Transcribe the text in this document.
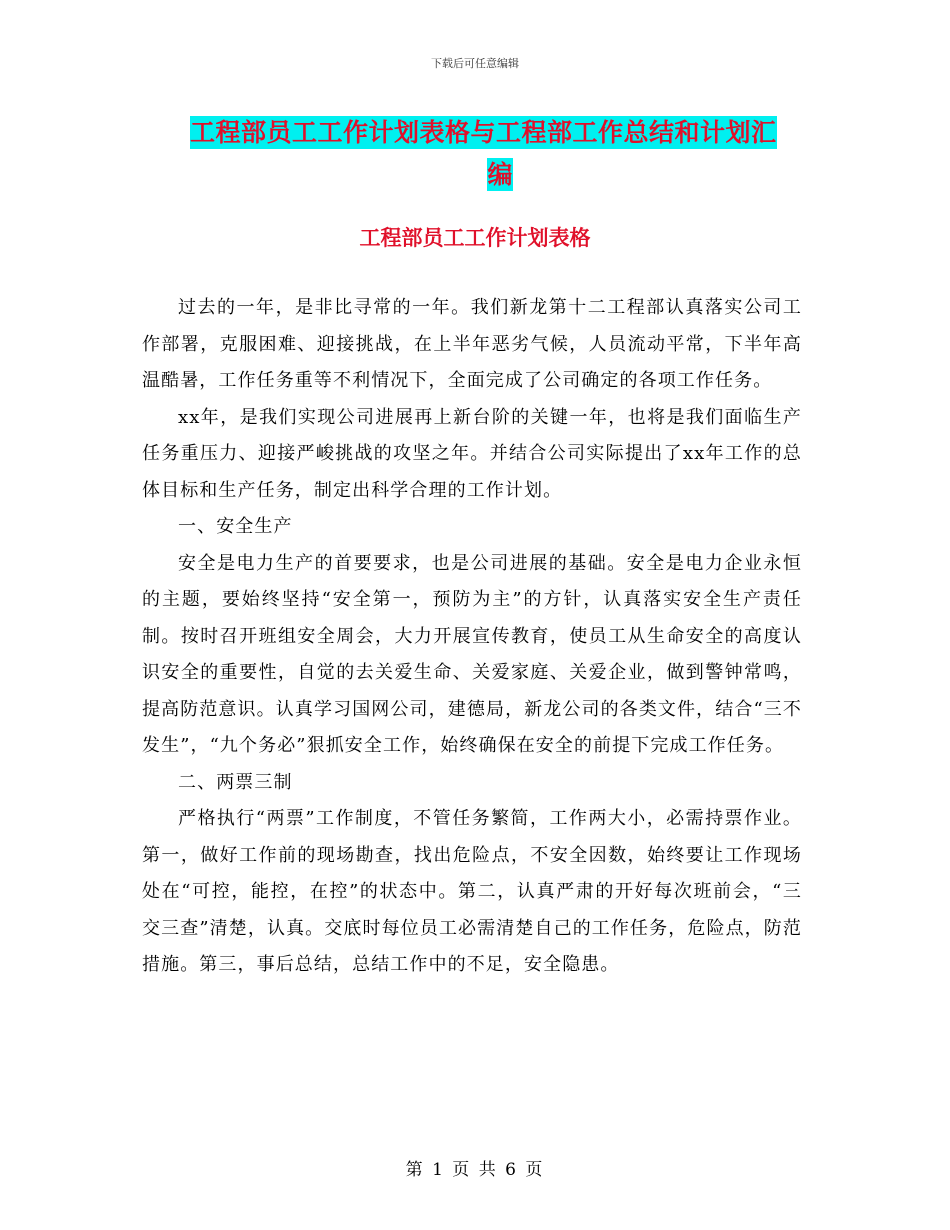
下载后可任意编辑
工程部员工工作计划表格与工程部工作总结和计划汇
编
工程部员工工作计划表格

过去的一年，是非比寻常的一年。我们新龙第十二工程部认真落实公司工作部署，克服困难、迎接挑战，在上半年恶劣气候，人员流动平常，下半年高温酷暑，工作任务重等不利情况下，全面完成了公司确定的各项工作任务。

xx年，是我们实现公司进展再上新台阶的关键一年，也将是我们面临生产任务重压力、迎接严峻挑战的攻坚之年。并结合公司实际提出了xx年工作的总体目标和生产任务，制定出科学合理的工作计划。

一、安全生产

安全是电力生产的首要要求，也是公司进展的基础。安全是电力企业永恒的主题，要始终坚持“安全第一，预防为主”的方针，认真落实安全生产责任制。按时召开班组安全周会，大力开展宣传教育，使员工从生命安全的高度认识安全的重要性，自觉的去关爱生命、关爱家庭、关爱企业，做到警钟常鸣，提高防范意识。认真学习国网公司，建德局，新龙公司的各类文件，结合“三不发生”，“九个务必”狠抓安全工作，始终确保在安全的前提下完成工作任务。

二、两票三制

严格执行“两票”工作制度，不管任务繁简，工作两大小，必需持票作业。第一，做好工作前的现场勘查，找出危险点，不安全因数，始终要让工作现场处在“可控，能控，在控”的状态中。第二，认真严肃的开好每次班前会，“三交三查”清楚，认真。交底时每位员工必需清楚自己的工作任务，危险点，防范措施。第三，事后总结，总结工作中的不足，安全隐患。

第 1 页 共 6 页
